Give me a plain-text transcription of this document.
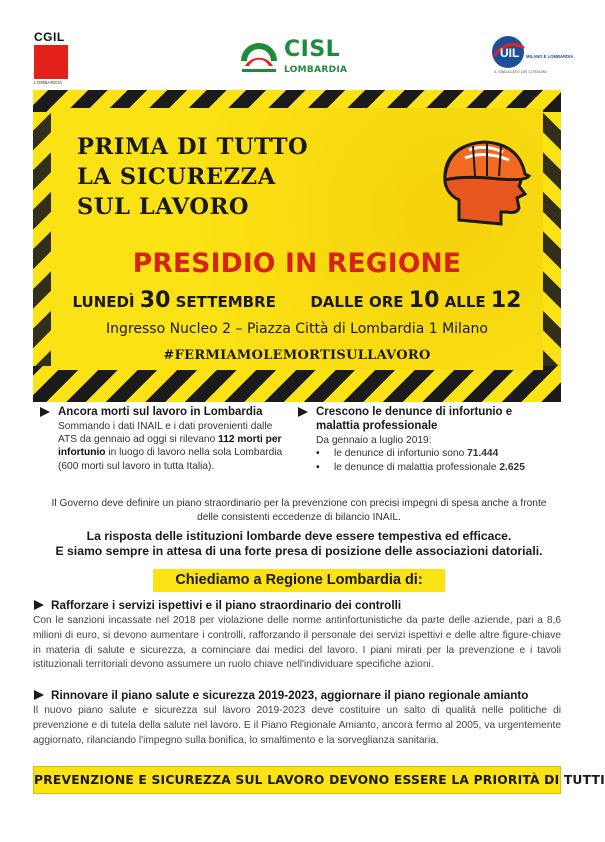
CGIL
LOMBARDIA
CISL
LOMBARDIA
UIL MILANO E LOMBARDIA
IL SINDACATO DEI CITTADINI
PRIMA DI TUTTO
LA SICUREZZA
SUL LAVORO
PRESIDIO IN REGIONE
LUNEDÌ 30 SETTEMBRE DALLE ORE 10 ALLE 12
Ingresso Nucleo 2 – Piazza Città di Lombardia 1 Milano
#FERMIAMOLEMORTISULLAVORO
Ancora morti sul lavoro in Lombardia
Sommando i dati INAIL e i dati provenienti dalle ATS da gennaio ad oggi si rilevano 112 morti per infortunio in luogo di lavoro nella sola Lombardia (600 morti sul lavoro in tutta Italia).
Crescono le denunce di infortunio e malattia professionale
Da gennaio a luglio 2019:
• le denunce di infortunio sono 71.444
• le denunce di malattia professionale 2.625
Il Governo deve definire un piano straordinario per la prevenzione con precisi impegni di spesa anche a fronte delle consistenti eccedenze di bilancio INAIL.
La risposta delle istituzioni lombarde deve essere tempestiva ed efficace.
E siamo sempre in attesa di una forte presa di posizione delle associazioni datoriali.
Chiediamo a Regione Lombardia di:
Rafforzare i servizi ispettivi e il piano straordinario dei controlli
Con le sanzioni incassate nel 2018 per violazione delle norme antinfortunistiche da parte delle aziende, pari a 8,6 milioni di euro, si devono aumentare i controlli, rafforzando il personale dei servizi ispettivi e delle altre figure-chiave in materia di salute e sicurezza, a cominciare dai medici del lavoro. I piani mirati per la prevenzione e i tavoli istituzionali territoriali devono assumere un ruolo chiave nell'individuare specifiche azioni.
Rinnovare il piano salute e sicurezza 2019-2023, aggiornare il piano regionale amianto
Il nuovo piano salute e sicurezza sul lavoro 2019-2023 deve costituire un salto di qualità nelle politiche di prevenzione e di tutela della salute nel lavoro. E il Piano Regionale Amianto, ancora fermo al 2005, va urgentemente aggiornato, rilanciando l'impegno sulla bonifica, lo smaltimento e la sorveglianza sanitaria.
PREVENZIONE E SICUREZZA SUL LAVORO DEVONO ESSERE LA PRIORITÀ DI TUTTI
